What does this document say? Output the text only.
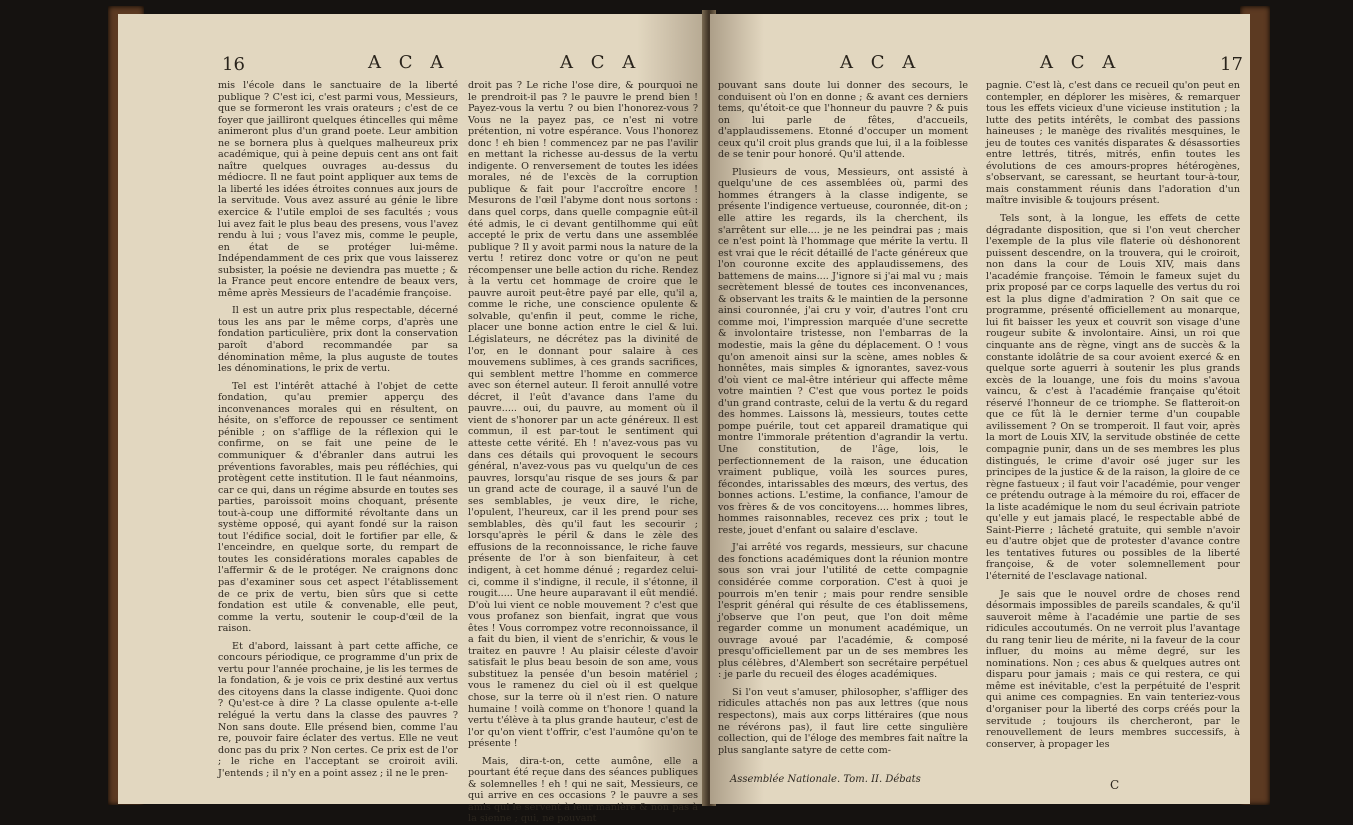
16	A C A	A C A

mis l'école dans le sanctuaire de la liberté publique ? C'est ici, c'est parmi vous, Messieurs, que se formeront les vrais orateurs ; c'est de ce foyer que jailliront quelques étincelles qui même animeront plus d'un grand poete. Leur ambition ne se bornera plus à quelques malheureux prix académique, qui à peine depuis cent ans ont fait naître quelques ouvrages au-dessus du médiocre. Il ne faut point appliquer aux tems de la liberté les idées étroites connues aux jours de la servitude. Vous avez assuré au génie le libre exercice & l'utile emploi de ses facultés ; vous lui avez fait le plus beau des presens, vous l'avez rendu à lui ; vous l'avez mis, comme le peuple, en état de se protéger lui-même. Indépendamment de ces prix que vous laisserez subsister, la poésie ne deviendra pas muette ; & la France peut encore entendre de beaux vers, même après Messieurs de l'académie françoise.

Il est un autre prix plus respectable, décerné tous les ans par le même corps, d'après une fondation particulière, prix dont la conservation paroît d'abord recommandée par sa dénomination même, la plus auguste de toutes les dénominations, le prix de vertu.

Tel est l'intérêt attaché à l'objet de cette fondation, qu'au premier apperçu des inconvenances morales qui en résultent, on hésite, on s'efforce de repousser ce sentiment pénible ; on s'afflige de la réflexion qui le confirme, on se fait une peine de le communiquer & d'ébranler dans autrui les préventions favorables, mais peu réfléchies, qui protègent cette institution. Il le faut néanmoins, car ce qui, dans un régime absurde en toutes ses parties, paroissoit moins choquant, présente tout-à-coup une difformité révoltante dans un système opposé, qui ayant fondé sur la raison tout l'édifice social, doit le fortifier par elle, & l'enceindre, en quelque sorte, du rempart de toutes les considérations morales capables de l'affermir & de le protéger. Ne craignons donc pas d'examiner sous cet aspect l'établissement de ce prix de vertu, bien sûrs que si cette fondation est utile & convenable, elle peut, comme la vertu, soutenir le coup-d'œil de la raison.

Et d'abord, laissant à part cette affiche, ce concours périodique, ce programme d'un prix de vertu pour l'année prochaine, je lis les termes de la fondation, & je vois ce prix destiné aux vertus des citoyens dans la classe indigente. Quoi donc ? Qu'est-ce à dire ? La classe opulente a-t-elle relégué la vertu dans la classe des pauvres ? Non sans doute. Elle présend bien, comme l'au re, pouvoir faire éclater des vertus. Elle ne veut donc pas du prix ? Non certes. Ce prix est de l'or ; le riche en l'acceptant se croiroit avili. J'entends ; il n'y en a point assez ; il ne le pren-

droit pas ? Le riche l'ose dire, & pourquoi ne le prendroit-il pas ? le pauvre le prend bien ! Payez-vous la vertu ? ou bien l'honorez-vous ? Vous ne la payez pas, ce n'est ni votre prétention, ni votre espérance. Vous l'honorez donc ! eh bien ! commencez par ne pas l'avilir en mettant la richesse au-dessus de la vertu indigente. O renversement de toutes les idées morales, né de l'excès de la corruption publique & fait pour l'accroître encore ! Mesurons de l'œil l'abyme dont nous sortons : dans quel corps, dans quelle compagnie eût-il été admis, le ci devant gentilhomme qui eût accepté le prix de vertu dans une assemblée publique ? Il y avoit parmi nous la nature de la vertu ! retirez donc votre or qu'on ne peut récompenser une belle action du riche. Rendez à la vertu cet hommage de croire que le pauvre auroit peut-être payé par elle, qu'il a, comme le riche, une conscience opulente & solvable, qu'enfin il peut, comme le riche, placer une bonne action entre le ciel & lui. Législateurs, ne décrétez pas la divinité de l'or, en le donnant pour salaire à ces mouvemens sublimes, à ces grands sacrifices, qui semblent mettre l'homme en commerce avec son éternel auteur. Il feroit annullé votre décret, il l'eût d'avance dans l'ame du pauvre..... oui, du pauvre, au moment où il vient de s'honorer par un acte généreux. Il est commun, il est par-tout le sentiment qui atteste cette vérité. Eh ! n'avez-vous pas vu dans ces détails qui provoquent le secours général, n'avez-vous pas vu quelqu'un de ces pauvres, lorsqu'au risque de ses jours & par un grand acte de courage, il a sauvé l'un de ses semblables, je veux dire, le riche, l'opulent, l'heureux, car il les prend pour ses semblables, dès qu'il faut les secourir ; lorsqu'après le péril & dans le zèle des effusions de la reconnoissance, le riche fauve présente de l'or à son bienfaiteur, à cet indigent, à cet homme dénué ; regardez celui-ci, comme il s'indigne, il recule, il s'étonne, il rougit..... Une heure auparavant il eût mendié. D'où lui vient ce noble mouvement ? c'est que vous profanez son bienfait, ingrat que vous êtes ! Vous corrompez votre reconnoissance, il a fait du bien, il vient de s'enrichir, & vous le traitez en pauvre ! Au plaisir céleste d'avoir satisfait le plus beau besoin de son ame, vous substituez la pensée d'un besoin matériel ; vous le ramenez du ciel où il est quelque chose, sur la terre où il n'est rien. O nature humaine ! voilà comme on t'honore ! quand la vertu t'élève à ta plus grande hauteur, c'est de l'or qu'on vient t'offrir, c'est l'aumône qu'on te présente !

Mais, dira-t-on, cette aumône, elle a pourtant été reçue dans des séances publiques & solemnelles ! eh ! qui ne sait, Messieurs, ce qui arrive en ces occasions ? le pauvre a ses amis qui le servent à leur manière & non pas à la sienne ; qui, ne pouvant

A C A	A C A	17

pouvant sans doute lui donner des secours, le conduisent où l'on en donne ; & avant ces derniers tems, qu'étoit-ce que l'honneur du pauvre ? & puis on lui parle de fêtes, d'accueils, d'applaudissemens. Etonné d'occuper un moment ceux qu'il croit plus grands que lui, il a la foiblesse de se tenir pour honoré. Qu'il attende.

Plusieurs de vous, Messieurs, ont assisté à quelqu'une de ces assemblées où, parmi des hommes étrangers à la classe indigente, se présente l'indigence vertueuse, couronnée, dit-on ; elle attire les regards, ils la cherchent, ils s'arrêtent sur elle.... je ne les peindrai pas ; mais ce n'est point là l'hommage que mérite la vertu. Il est vrai que le récit détaillé de l'acte généreux que l'on couronne excite des applaudissemens, des battemens de mains.... J'ignore si j'ai mal vu ; mais secrètement blessé de toutes ces inconvenances, & observant les traits & le maintien de la personne ainsi couronnée, j'ai cru y voir, d'autres l'ont cru comme moi, l'impression marquée d'une secrette & involontaire tristesse, non l'embarras de la modestie, mais la gêne du déplacement. O ! vous qu'on amenoit ainsi sur la scène, ames nobles & honnêtes, mais simples & ignorantes, savez-vous d'où vient ce mal-être intérieur qui affecte même votre maintien ? C'est que vous portez le poids d'un grand contraste, celui de la vertu & du regard des hommes. Laissons là, messieurs, toutes cette pompe puérile, tout cet appareil dramatique qui montre l'immorale prétention d'agrandir la vertu. Une constitution, de l'âge, lois, le perfectionnement de la raison, une éducation vraiment publique, voilà les sources pures, fécondes, intarissables des mœurs, des vertus, des bonnes actions. L'estime, la confiance, l'amour de vos frères & de vos concitoyens.... hommes libres, hommes raisonnables, recevez ces prix ; tout le reste, jouet d'enfant ou salaire d'esclave.

J'ai arrêté vos regards, messieurs, sur chacune des fonctions académiques dont la réunion montre sous son vrai jour l'utilité de cette compagnie considérée comme corporation. C'est à quoi je pourrois m'en tenir ; mais pour rendre sensible l'esprit général qui résulte de ces établissemens, j'observe que l'on peut, que l'on doit même regarder comme un monument académique, un ouvrage avoué par l'académie, & composé presqu'officiellement par un de ses membres les plus célèbres, d'Alembert son secrétaire perpétuel : je parle du recueil des éloges académiques.

Si l'on veut s'amuser, philosopher, s'affliger des ridicules attachés non pas aux lettres (que nous respectons), mais aux corps littéraires (que nous ne révérons pas), il faut lire cette singulière collection, qui de l'éloge des membres fait naître la plus sanglante satyre de cette com-

Assemblée Nationale. Tom. II. Débats

pagnie. C'est là, c'est dans ce recueil qu'on peut en contempler, en déplorer les misères, & remarquer tous les effets vicieux d'une vicieuse institution ; la lutte des petits intérêts, le combat des passions haineuses ; le manège des rivalités mesquines, le jeu de toutes ces vanités disparates & désassorties entre lettrés, titrés, mitrés, enfin toutes les évolutions de ces amours-propres hétérogènes, s'observant, se caressant, se heurtant tour-à-tour, mais constamment réunis dans l'adoration d'un maître invisible & toujours présent.

Tels sont, à la longue, les effets de cette dégradante disposition, que si l'on veut chercher l'exemple de la plus vile flaterie où déshonorent puissent descendre, on la trouvera, qui le croiroit, non dans la cour de Louis XIV, mais dans l'académie françoise. Témoin le fameux sujet du prix proposé par ce corps laquelle des vertus du roi est la plus digne d'admiration ? On sait que ce programme, présenté officiellement au monarque, lui fit baisser les yeux et couvrit son visage d'une rougeur subite & involontaire. Ainsi, un roi que cinquante ans de règne, vingt ans de succès & la constante idolâtrie de sa cour avoient exercé & en quelque sorte aguerri à soutenir les plus grands excès de la louange, une fois du moins s'avoua vaincu, & c'est à l'académie française qu'étoit réservé l'honneur de ce triomphe. Se flatteroit-on que ce fût là le dernier terme d'un coupable avilissement ? On se tromperoit. Il faut voir, après la mort de Louis XIV, la servitude obstinée de cette compagnie punir, dans un de ses membres les plus distingués, le crime d'avoir osé juger sur les principes de la justice & de la raison, la gloire de ce règne fastueux ; il faut voir l'académie, pour venger ce prétendu outrage à la mémoire du roi, effacer de la liste académique le nom du seul écrivain patriote qu'elle y eut jamais placé, le respectable abbé de Saint-Pierre ; lâcheté gratuite, qui semble n'avoir eu d'autre objet que de protester d'avance contre les tentatives futures ou possibles de la liberté françoise, & de voter solemnellement pour l'éternité de l'esclavage national.

Je sais que le nouvel ordre de choses rend désormais impossibles de pareils scandales, & qu'il sauveroit même à l'académie une partie de ses ridicules accoutumés. On ne verroit plus l'avantage du rang tenir lieu de mérite, ni la faveur de la cour influer, du moins au même degré, sur les nominations. Non ; ces abus & quelques autres ont disparu pour jamais ; mais ce qui restera, ce qui même est inévitable, c'est la perpétuité de l'esprit qui anime ces compagnies. En vain tenteriez-vous d'organiser pour la liberté des corps créés pour la servitude ; toujours ils chercheront, par le renouvellement de leurs membres successifs, à conserver, à propager les

C
